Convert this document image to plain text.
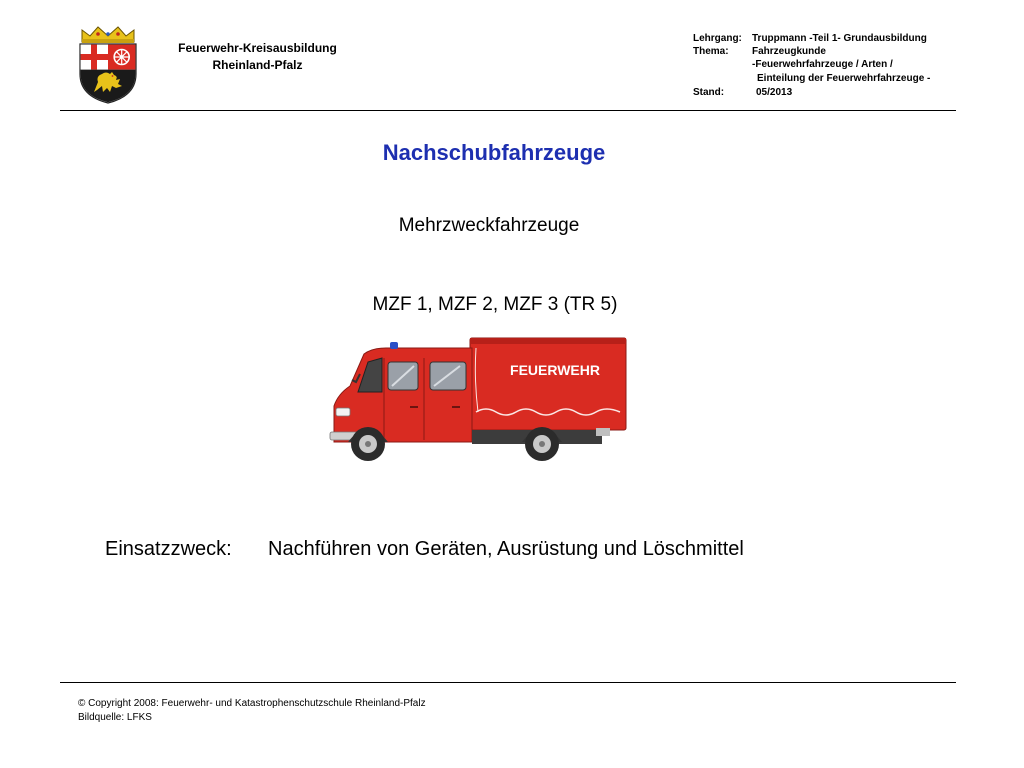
Feuerwehr-Kreisausbildung
Rheinland-Pfalz
Lehrgang: Truppmann -Teil 1- Grundausbildung
Thema: Fahrzeugkunde
-Feuerwehrfahrzeuge / Arten /
Einteilung der Feuerwehrfahrzeuge -
Stand:	05/2013
Nachschubfahrzeuge
Mehrzweckfahrzeuge
MZF 1, MZF 2, MZF 3 (TR 5)
FEUERWEHR
Einsatzzweck: Nachführen von Geräten, Ausrüstung und Löschmittel
© Copyright 2008: Feuerwehr- und Katastrophenschutzschule Rheinland-Pfalz
Bildquelle: LFKS
